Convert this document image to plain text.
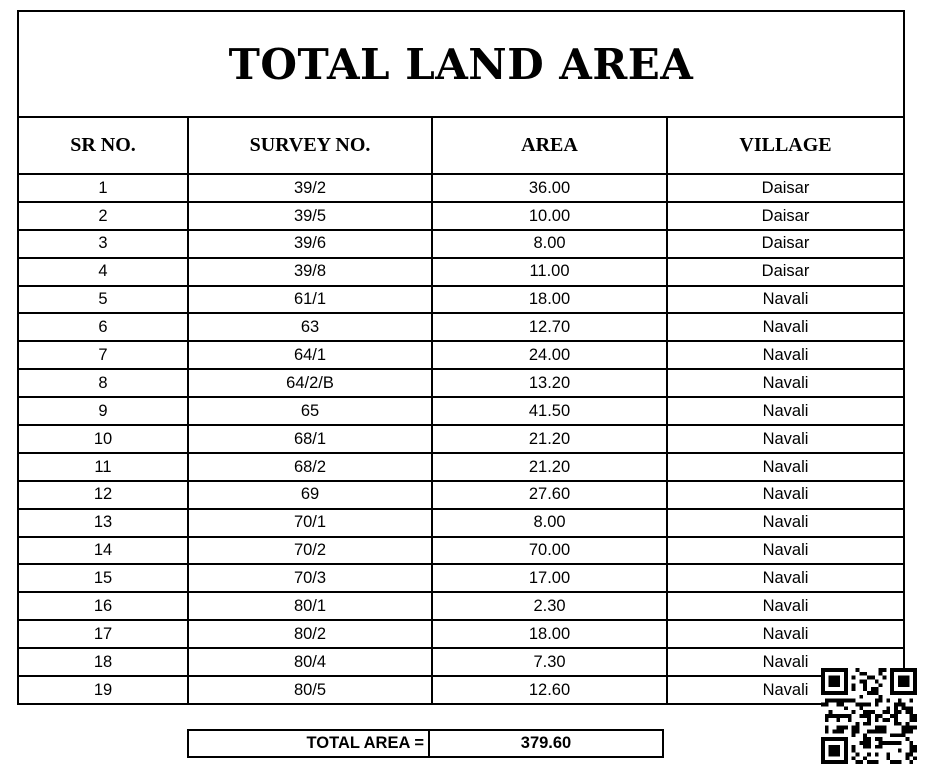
TOTAL LAND AREA			
SR NO.	SURVEY NO.	AREA	VILLAGE
1	39/2	36.00	Daisar
2	39/5	10.00	Daisar
3	39/6	8.00	Daisar
4	39/8	11.00	Daisar
5	61/1	18.00	Navali
6	63	12.70	Navali
7	64/1	24.00	Navali
8	64/2/B	13.20	Navali
9	65	41.50	Navali
10	68/1	21.20	Navali
11	68/2	21.20	Navali
12	69	27.60	Navali
13	70/1	8.00	Navali
14	70/2	70.00	Navali
15	70/3	17.00	Navali
16	80/1	2.30	Navali
17	80/2	18.00	Navali
18	80/4	7.30	Navali
19	80/5	12.60	Navali
TOTAL AREA =	379.60
